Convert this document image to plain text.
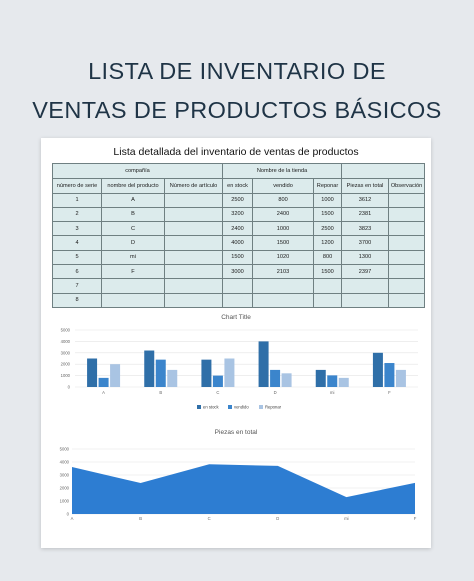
LISTA DE INVENTARIO DE
VENTAS DE PRODUCTOS BÁSICOS
Lista detallada del inventario de ventas de productos
compañía			Nombre de la tienda				
número de serie	nombre del producto	Número de artículo	en stock	vendido	Reponar	Piezas en total	Observación
1	A		2500	800	1000	3612	
2	B		3200	2400	1500	2381	
3	C		2400	1000	2500	3823	
4	D		4000	1500	1200	3700	
5	mi		1500	1020	800	1300	
6	F		3000	2103	1500	2397	
7							
8							
Chart Title
5000
4000
3000
2000
1000
0
A	B	C	D	mi	F
en stock	vendido	Reponar
Piezas en total
5000
4000
3000
2000
1000
0
A	B	C	D	mi	F
